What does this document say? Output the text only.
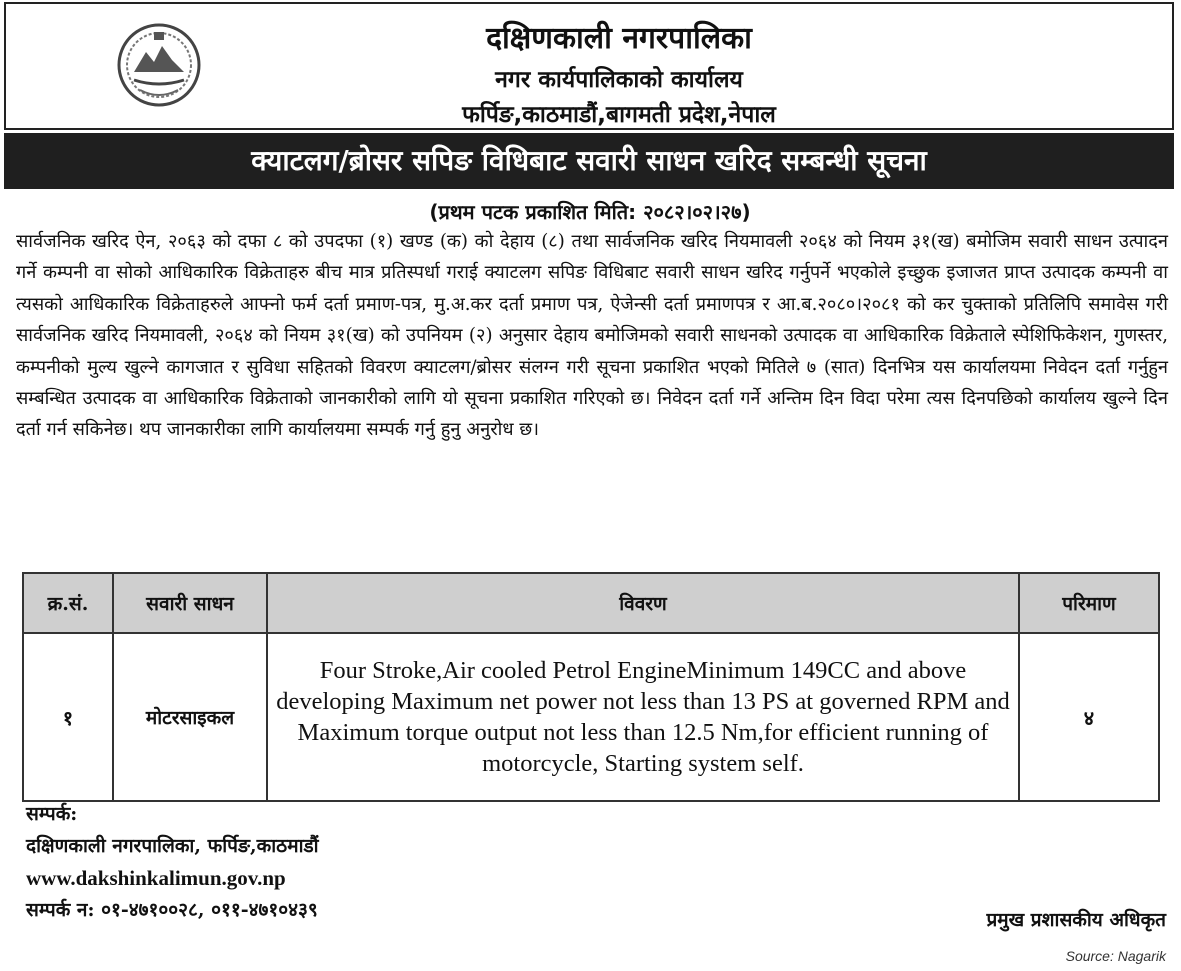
दक्षिणकाली नगरपालिका
नगर कार्यपालिकाको कार्यालय
फर्पिङ,काठमाडौं,बागमती प्रदेश,नेपाल
क्याटलग/ब्रोसर सपिङ विधिबाट सवारी साधन खरिद सम्बन्धी सूचना
(प्रथम पटक प्रकाशित मिति: २०८२।०२।२७)
सार्वजनिक खरिद ऐन, २०६३ को दफा ८ को उपदफा (१) खण्ड (क) को देहाय (८) तथा सार्वजनिक खरिद नियमावली २०६४ को नियम ३१(ख) बमोजिम सवारी साधन उत्पादन गर्ने कम्पनी वा सोको आधिकारिक विक्रेताहरु बीच मात्र प्रतिस्पर्धा गराई क्याटलग सपिङ विधिबाट सवारी साधन खरिद गर्नुपर्ने भएकोले इच्छुक इजाजत प्राप्त उत्पादक कम्पनी वा त्यसको आधिकारिक विक्रेताहरुले आफ्नो फर्म दर्ता प्रमाण-पत्र, मु.अ.कर दर्ता प्रमाण पत्र, ऐजेन्सी दर्ता प्रमाणपत्र र आ.ब.२०८०।२०८१ को कर चुक्ताको प्रतिलिपि समावेस गरी सार्वजनिक खरिद नियमावली, २०६४ को नियम ३१(ख) को उपनियम (२) अनुसार देहाय बमोजिमको सवारी साधनको उत्पादक वा आधिकारिक विक्रेताले स्पेशिफिकेशन, गुणस्तर, कम्पनीको मुल्य खुल्ने कागजात र सुविधा सहितको विवरण क्याटलग/ब्रोसर संलग्न गरी सूचना प्रकाशित भएको मितिले ७ (सात) दिनभित्र यस कार्यालयमा निवेदन दर्ता गर्नुहुन सम्बन्धित उत्पादक वा आधिकारिक विक्रेताको जानकारीको लागि यो सूचना प्रकाशित गरिएको छ। निवेदन दर्ता गर्ने अन्तिम दिन विदा परेमा त्यस दिनपछिको कार्यालय खुल्ने दिन दर्ता गर्न सकिनेछ। थप जानकारीका लागि कार्यालयमा सम्पर्क गर्नु हुनु अनुरोध छ।
क्र.सं.	सवारी साधन	विवरण	परिमाण
१	मोटरसाइकल	Four Stroke,Air cooled Petrol EngineMinimum 149CC and above developing Maximum net power not less than 13 PS at governed RPM and Maximum torque output not less than 12.5 Nm,for efficient running of motorcycle, Starting system self.	४
सम्पर्क:
दक्षिणकाली नगरपालिका, फर्पिङ,काठमाडौं
www.dakshinkalimun.gov.np
सम्पर्क न: ०१-४७१००२८, ०११-४७१०४३९	प्रमुख प्रशासकीय अधिकृत
Source: Nagarik
